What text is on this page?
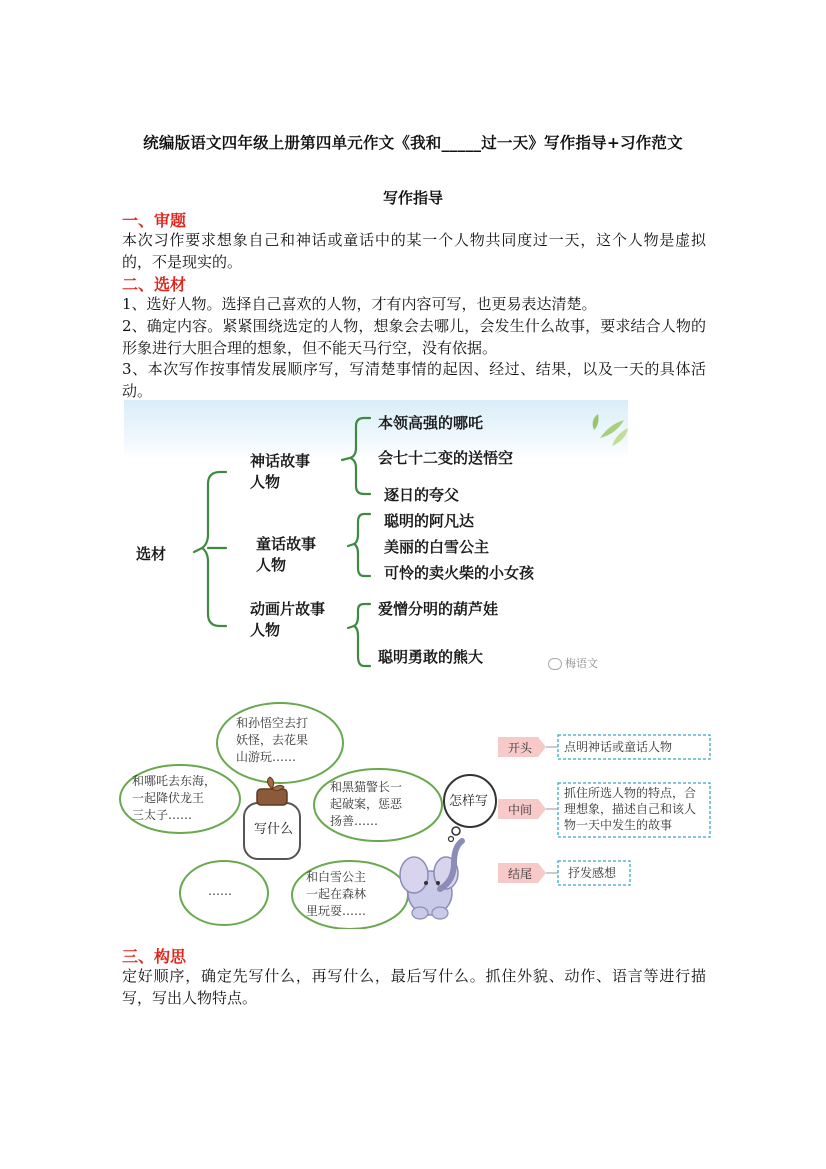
统编版语文四年级上册第四单元作文《我和_____过一天》写作指导+习作范文
写作指导
一、审题
本次习作要求想象自己和神话或童话中的某一个人物共同度过一天，这个人物是虚拟的，不是现实的。
二、选材
1、选好人物。选择自己喜欢的人物，才有内容可写，也更易表达清楚。
2、确定内容。紧紧围绕选定的人物，想象会去哪儿，会发生什么故事，要求结合人物的形象进行大胆合理的想象，但不能天马行空，没有依据。
3、本次写作按事情发展顺序写，写清楚事情的起因、经过、结果，以及一天的具体活动。
选材
神话故事
人物
本领高强的哪吒
会七十二变的送悟空
逐日的夸父
童话故事
人物
聪明的阿凡达
美丽的白雪公主
可怜的卖火柴的小女孩
动画片故事
人物
爱憎分明的葫芦娃
聪明勇敢的熊大	梅语文
和孙悟空去打
妖怪，去花果
山游玩……
和哪吒去东海，
一起降伏龙王
三太子……
和黑猫警长一
起破案，惩恶
扬善……
……
和白雪公主
一起在森林
里玩耍……
写什么
怎样写
开头
中间
结尾
点明神话或童话人物
抓住所选人物的特点，合
理想象，描述自己和该人
物一天中发生的故事
抒发感想
三、构思
定好顺序，确定先写什么，再写什么，最后写什么。抓住外貌、动作、语言等进行描写，写出人物特点。
